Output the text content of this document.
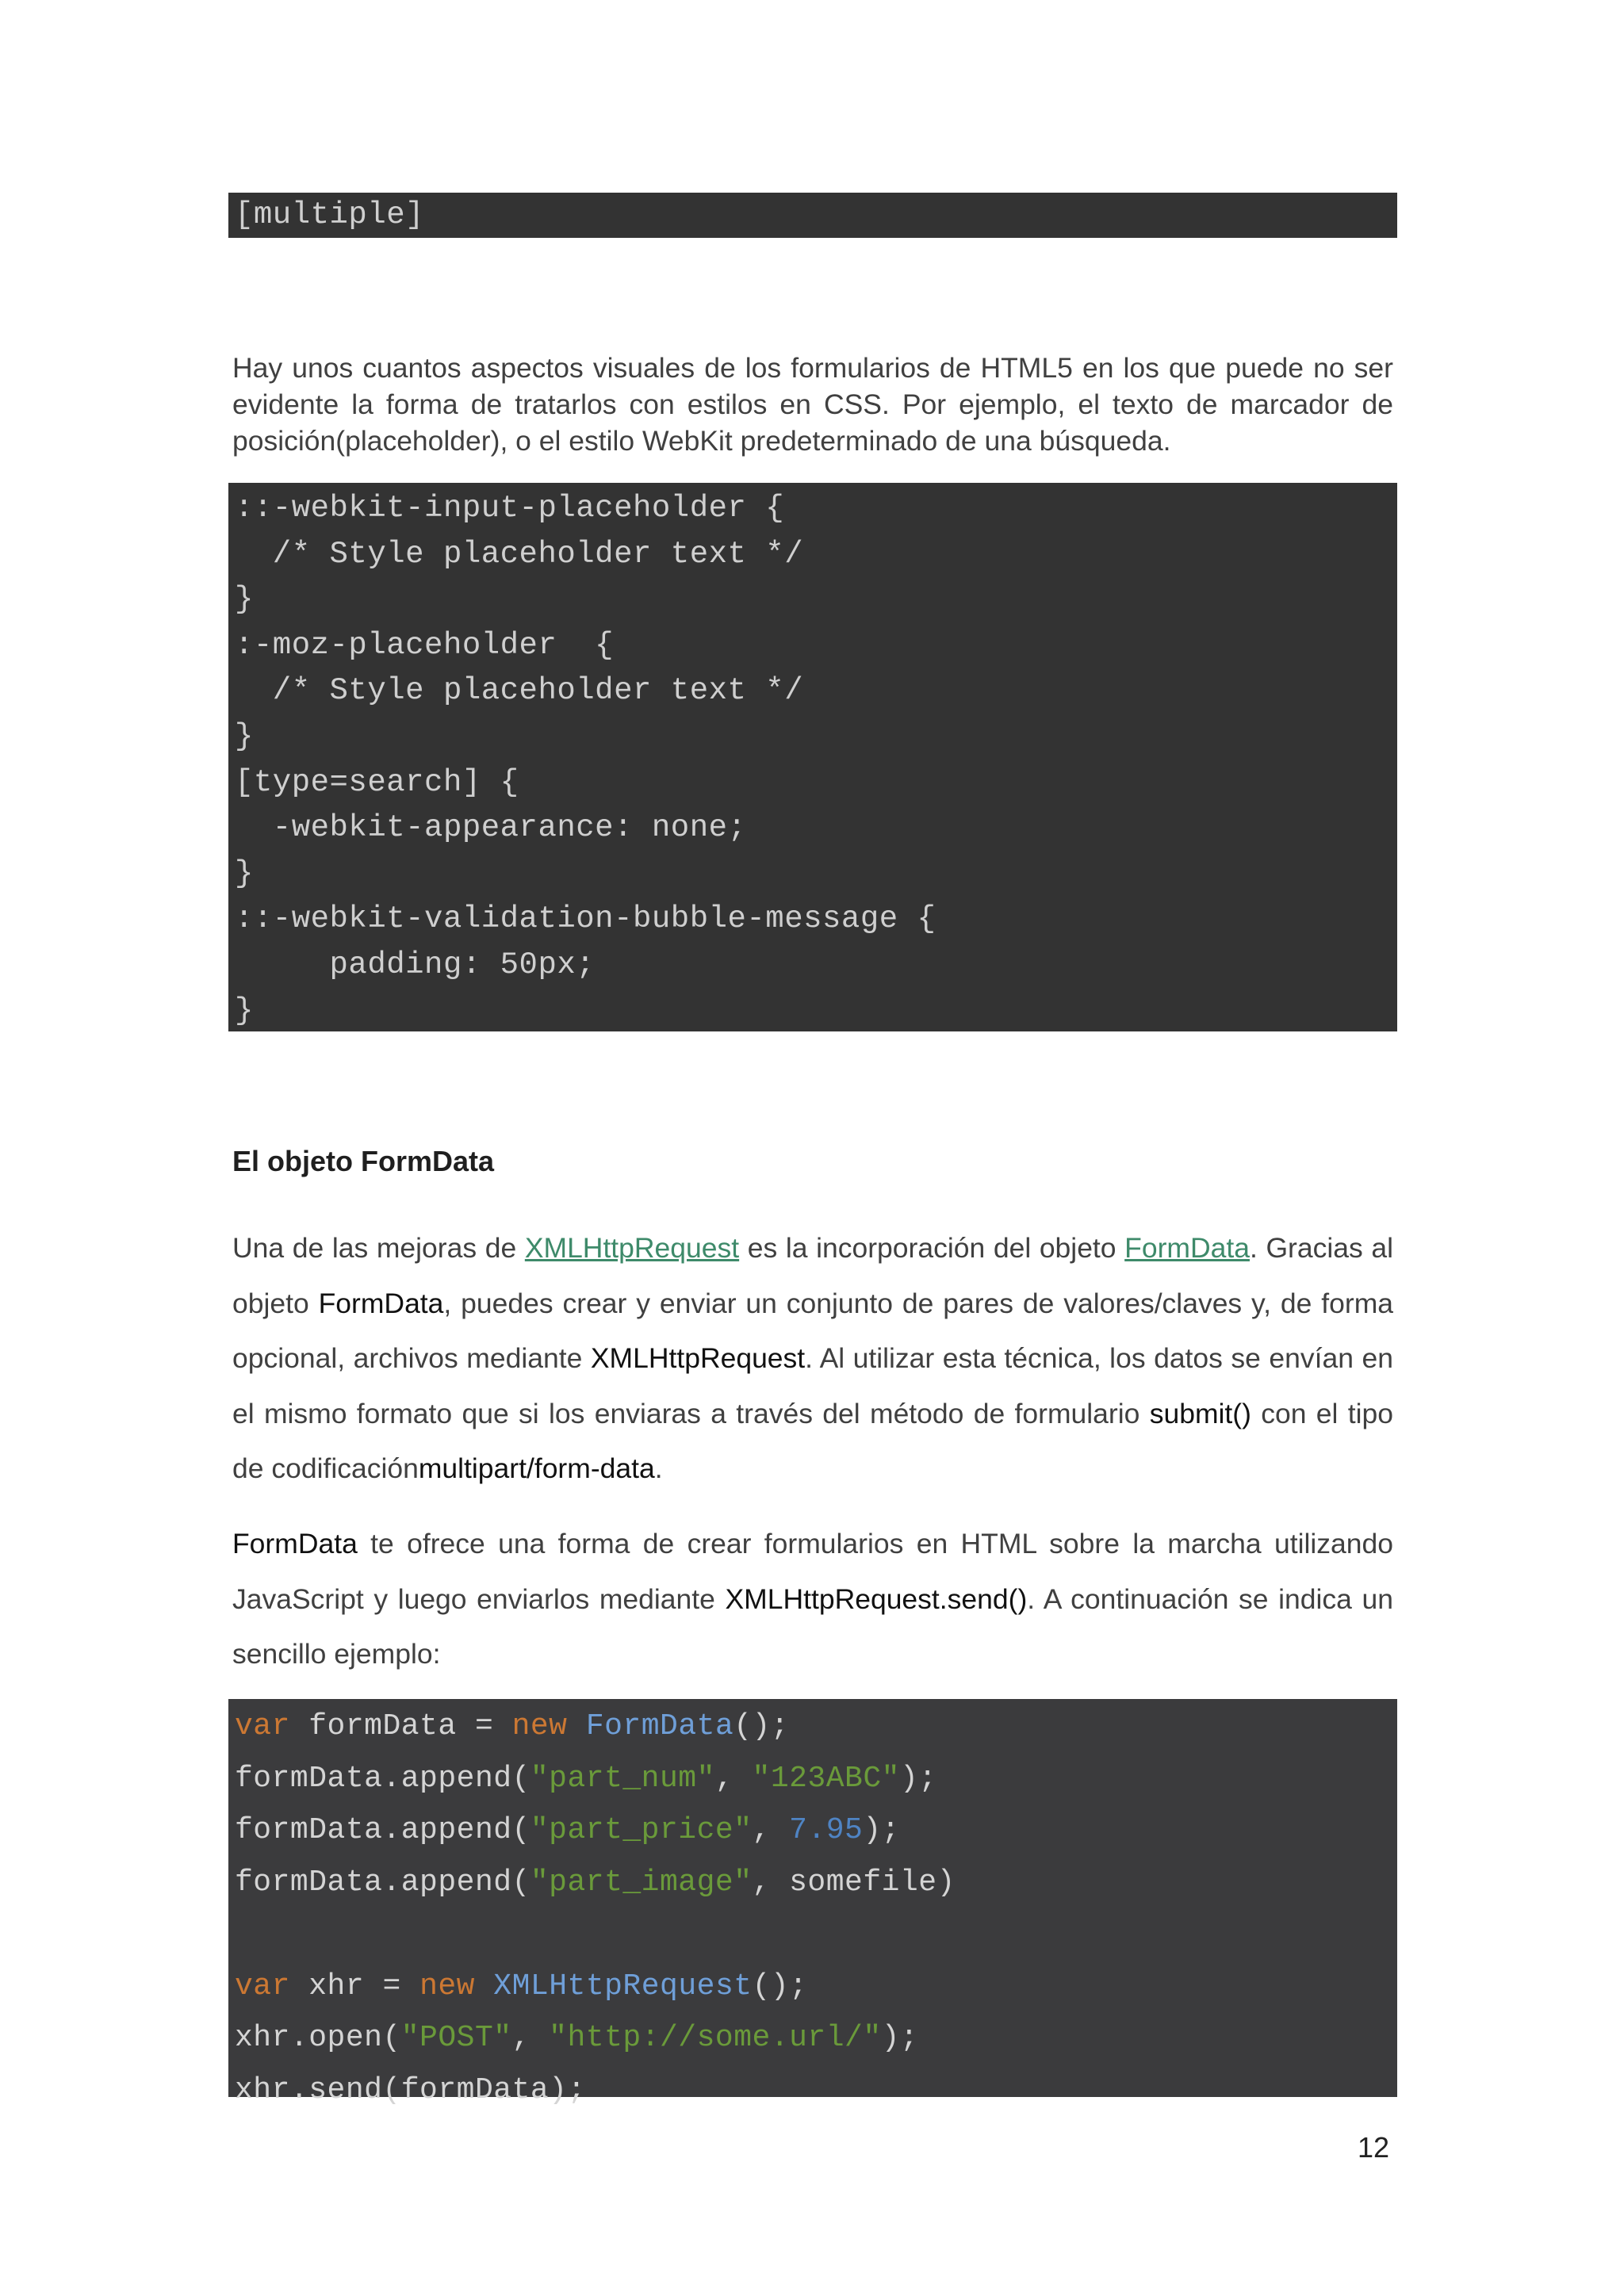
[multiple]
Hay unos cuantos aspectos visuales de los formularios de HTML5 en los que puede no ser evidente la forma de tratarlos con estilos en CSS. Por ejemplo, el texto de marcador de posición(placeholder), o el estilo WebKit predeterminado de una búsqueda.
::-webkit-input-placeholder {
/* Style placeholder text */
}
:-moz-placeholder  {
/* Style placeholder text */
}
[type=search] {
-webkit-appearance: none;
}
::-webkit-validation-bubble-message {
padding: 50px;
}
El objeto FormData
Una de las mejoras de XMLHttpRequest es la incorporación del objeto FormData. Gracias al objeto FormData, puedes crear y enviar un conjunto de pares de valores/claves y, de forma opcional, archivos mediante XMLHttpRequest. Al utilizar esta técnica, los datos se envían en el mismo formato que si los enviaras a través del método de formulario submit() con el tipo de codificaciónmultipart/form-data.
FormData te ofrece una forma de crear formularios en HTML sobre la marcha utilizando JavaScript y luego enviarlos mediante XMLHttpRequest.send(). A continuación se indica un sencillo ejemplo:
var formData = new FormData();
formData.append("part_num", "123ABC");
formData.append("part_price", 7.95);
formData.append("part_image", somefile)
var xhr = new XMLHttpRequest();
xhr.open("POST", "http://some.url/");
xhr.send(formData);
12
